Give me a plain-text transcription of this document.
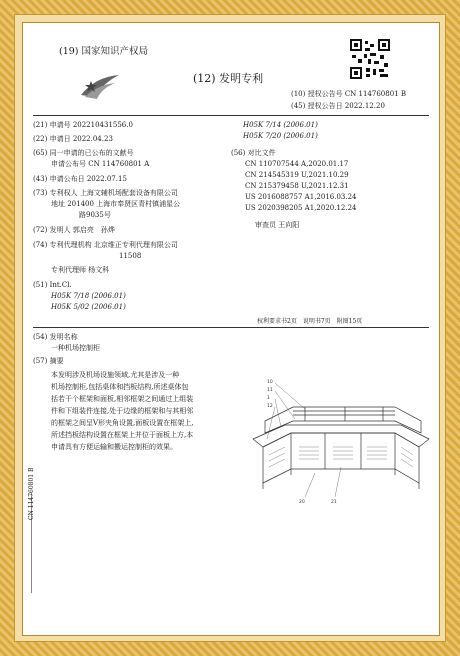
(19) 国家知识产权局
(12) 发明专利
(10) 授权公告号 CN 114760801 B
(45) 授权公告日 2022.12.20
(21) 申请号 202210431556.0
(22) 申请日 2022.04.23
(65) 同一申请的已公布的文献号
申请公布号 CN 114760801 A
(43) 申请公布日 2022.07.15
(73) 专利权人 上海文辅机场配套设备有限公司
地址 201400 上海市奉贤区青村镇浦星公
路9035号
(72) 发明人 郭启亮　孙烨
(74) 专利代理机构 北京维正专利代理有限公司
11508
专利代理师 杨文科
(51) Int.Cl.
H05K 7/18 (2006.01)
H05K 5/02 (2006.01)
H05K 7/14 (2006.01)
H05K 7/20 (2006.01)
(56) 对比文件
CN 110707544 A,2020.01.17
CN 214545319 U,2021.10.29
CN 215379458 U,2021.12.31
US 2016088757 A1,2016.03.24
US 2020398205 A1,2020.12.24
审查员 王向阳
权利要求书2页　说明书7页　附图15页
(54) 发明名称
一种机场控制柜
(57) 摘要
本发明涉及机场设施领域,尤其是涉及一种
机场控制柜,包括桌体和挡板结构,所述桌体包
括若干个框架和面板,相邻框架之间通过上组装
件和下组装件连接,处于边缘的框架和与其相邻
的框架之间呈V形夹角设置,面板设置在框架上,
所述挡板结构设置在框架上并位于面板上方,本
申请具有方便运输和搬运控制柜的效果。
10
11
1
12
20	21
CN 114760801 B
